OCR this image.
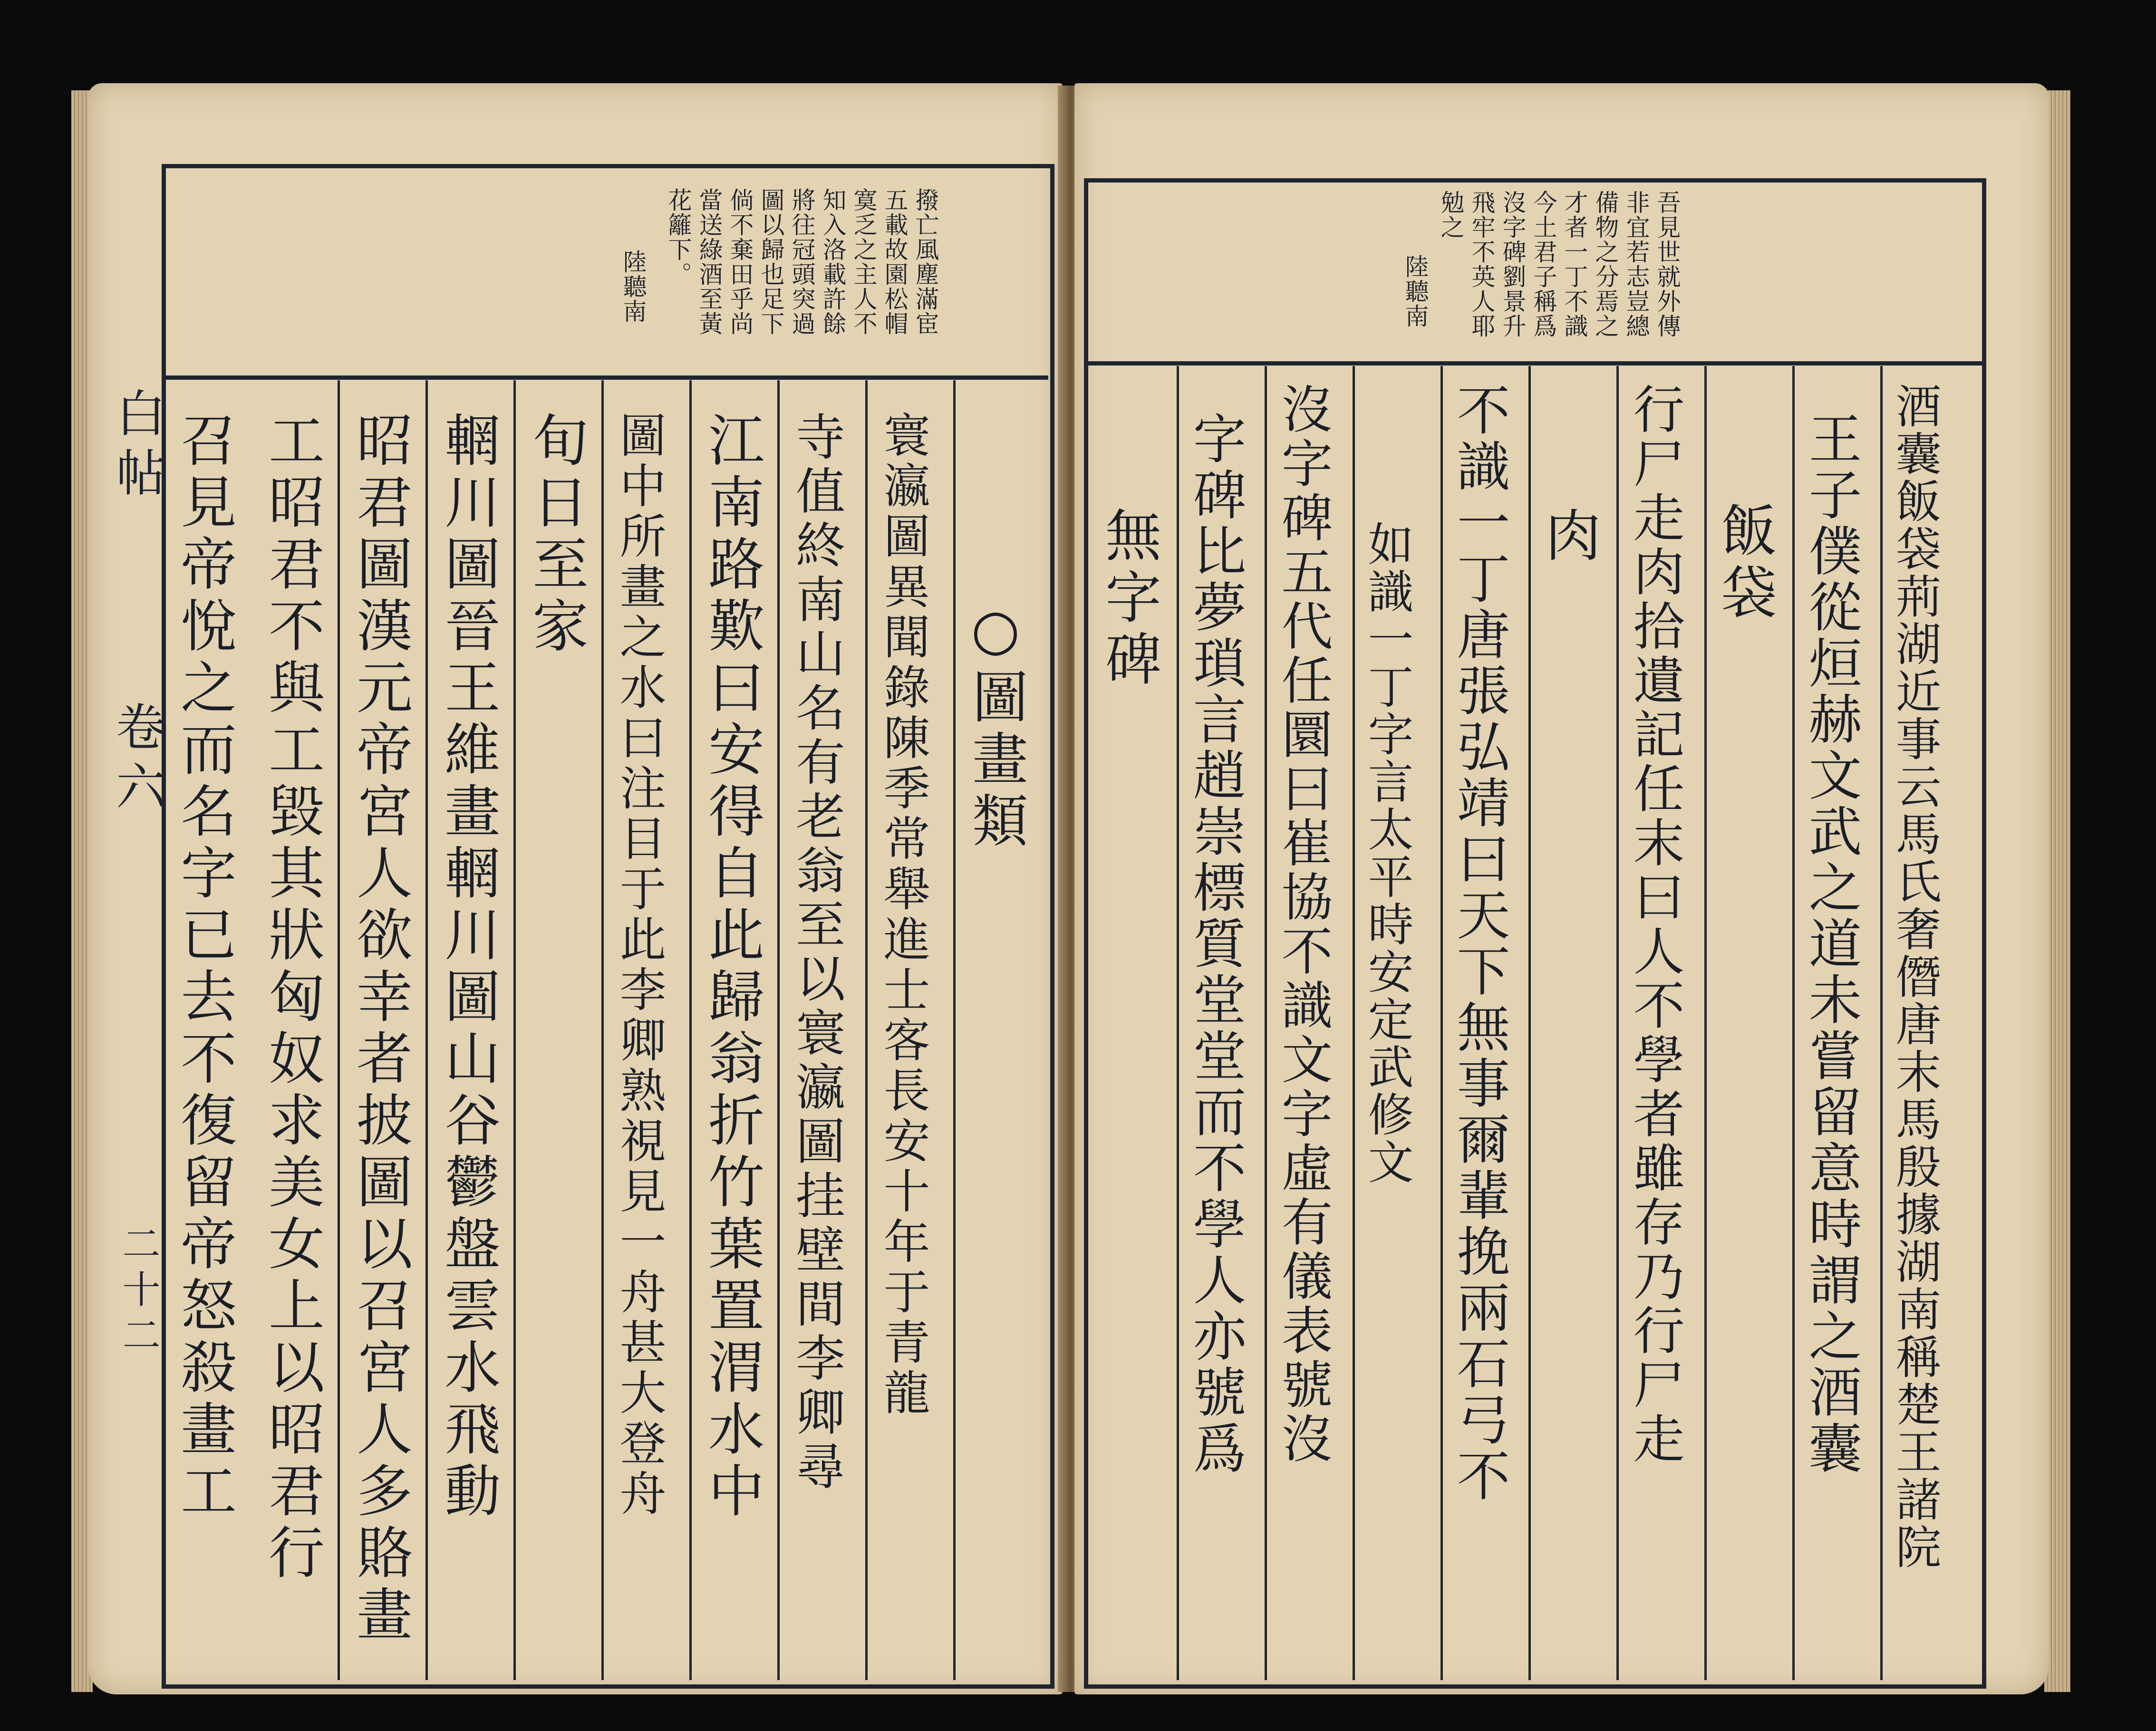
白帖
卷六
二十二
撥亡風塵滿宦
五載故園松帽
寞乏之主人不
知入洛載許餘
將往冠頭突過
圖以歸也足下
倘不棄田乎尚
當送綠酒至黃
花籬下。
陸聽南
召見帝悅之而名字已去不復留帝怒殺畫工 工昭君不與工毀其狀匈奴求美女上以昭君行 昭君圖漢元帝宮人欲幸者披圖以召宮人多賂畫 輞川圖晉王維畫輞川圖山谷鬱盤雲水飛動 旬日至家 圖中所畫之水曰注目于此李卿熟視見一舟甚大登舟 江南路歎曰安得自此歸翁折竹葉置渭水中 寺值終南山名有老翁至以寰瀛圖挂壁間李卿尋 寰瀛圖異聞錄陳季常舉進士客長安十年于青龍 ○圖畫類
吾見世就外傳
非宜若志豈總
備物之分焉之
才者一丁不識
今土君子稱爲
沒字碑劉景升
飛牢不英人耶
勉之
陸聽南
酒囊飯袋荊湖近事云馬氏奢僭唐末馬殷據湖南稱楚王諸院
王子僕從烜赫文武之道未嘗留意時謂之酒囊
飯袋
行尸走肉拾遺記任末曰人不學者雖存乃行尸走
肉
不識一丁唐張弘靖曰天下無事爾輩挽兩石弓不
如識一丁字言太平時安定武修文
沒字碑五代任圜曰崔協不識文字虛有儀表號沒
字碑比夢瑣言趙崇標質堂堂而不學人亦號爲
無字碑
